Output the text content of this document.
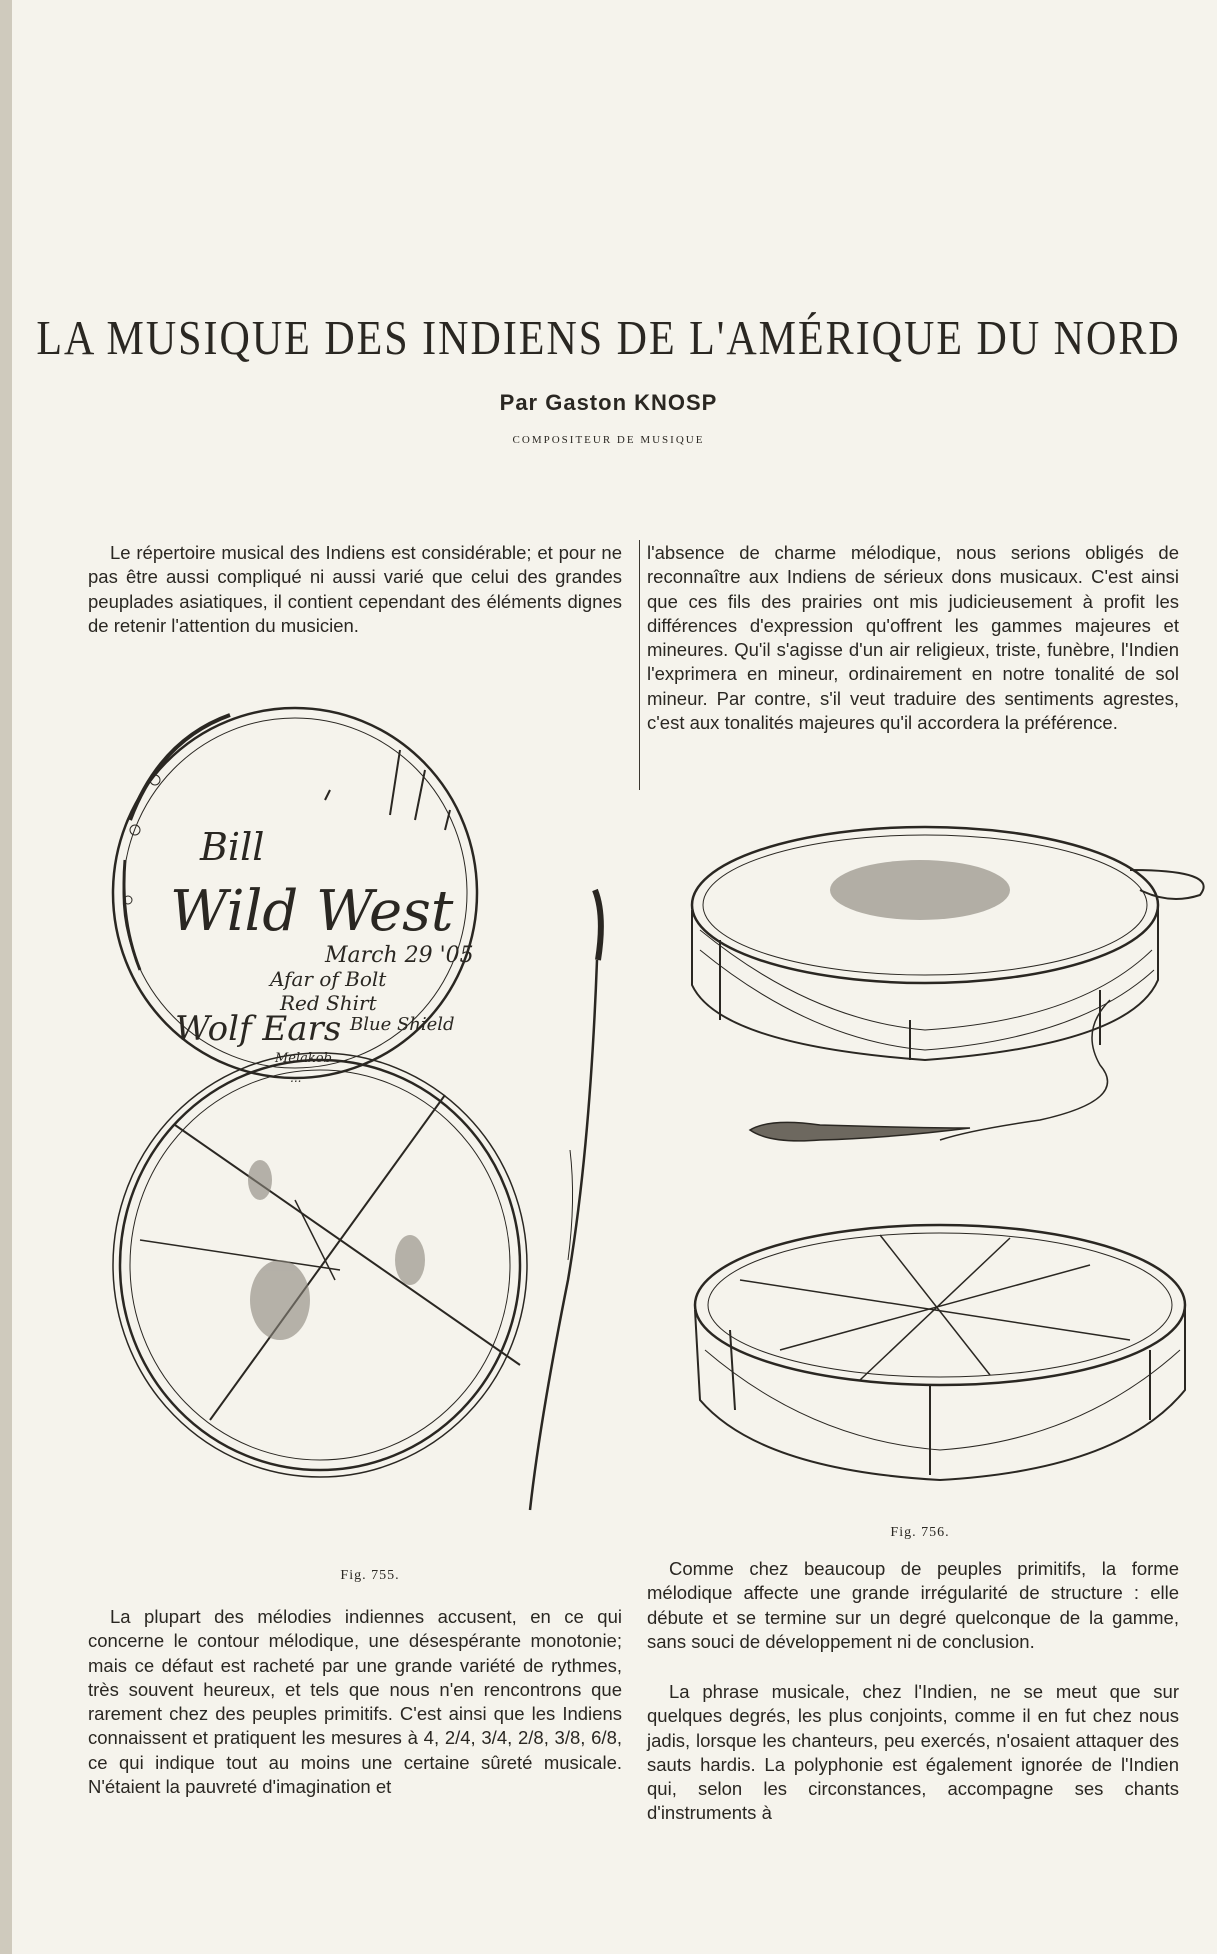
LA MUSIQUE DES INDIENS DE L'AMÉRIQUE DU NORD
Par Gaston KNOSP
COMPOSITEUR DE MUSIQUE

Le répertoire musical des Indiens est considérable; et pour ne pas être aussi compliqué ni aussi varié que celui des grandes peuplades asiatiques, il contient cependant des éléments dignes de retenir l'attention du musicien.

l'absence de charme mélodique, nous serions obligés de reconnaître aux Indiens de sérieux dons musicaux. C'est ainsi que ces fils des prairies ont mis judicieusement à profit les différences d'expression qu'offrent les gammes majeures et mineures. Qu'il s'agisse d'un air religieux, triste, funèbre, l'Indien l'exprimera en mineur, ordinairement en notre tonalité de sol mineur. Par contre, s'il veut traduire des sentiments agrestes, c'est aux tonalités majeures qu'il accordera la préférence.

Bill
Wild West
March 29 '05
Afar of Bolt
Red Shirt
Blue Shield
Wolf Ears
Melakob ...
...
Fig. 755.
Fig. 756.

La plupart des mélodies indiennes accusent, en ce qui concerne le contour mélodique, une désespérante monotonie; mais ce défaut est racheté par une grande variété de rythmes, très souvent heureux, et tels que nous n'en rencontrons que rarement chez des peuples primitifs. C'est ainsi que les Indiens connaissent et pratiquent les mesures à 4, 2/4, 3/4, 2/8, 3/8, 6/8, ce qui indique tout au moins une certaine sûreté musicale. N'étaient la pauvreté d'imagination et

Comme chez beaucoup de peuples primitifs, la forme mélodique affecte une grande irrégularité de structure : elle débute et se termine sur un degré quelconque de la gamme, sans souci de développement ni de conclusion.

La phrase musicale, chez l'Indien, ne se meut que sur quelques degrés, les plus conjoints, comme il en fut chez nous jadis, lorsque les chanteurs, peu exercés, n'osaient attaquer des sauts hardis. La polyphonie est également ignorée de l'Indien qui, selon les circonstances, accompagne ses chants d'instruments à
